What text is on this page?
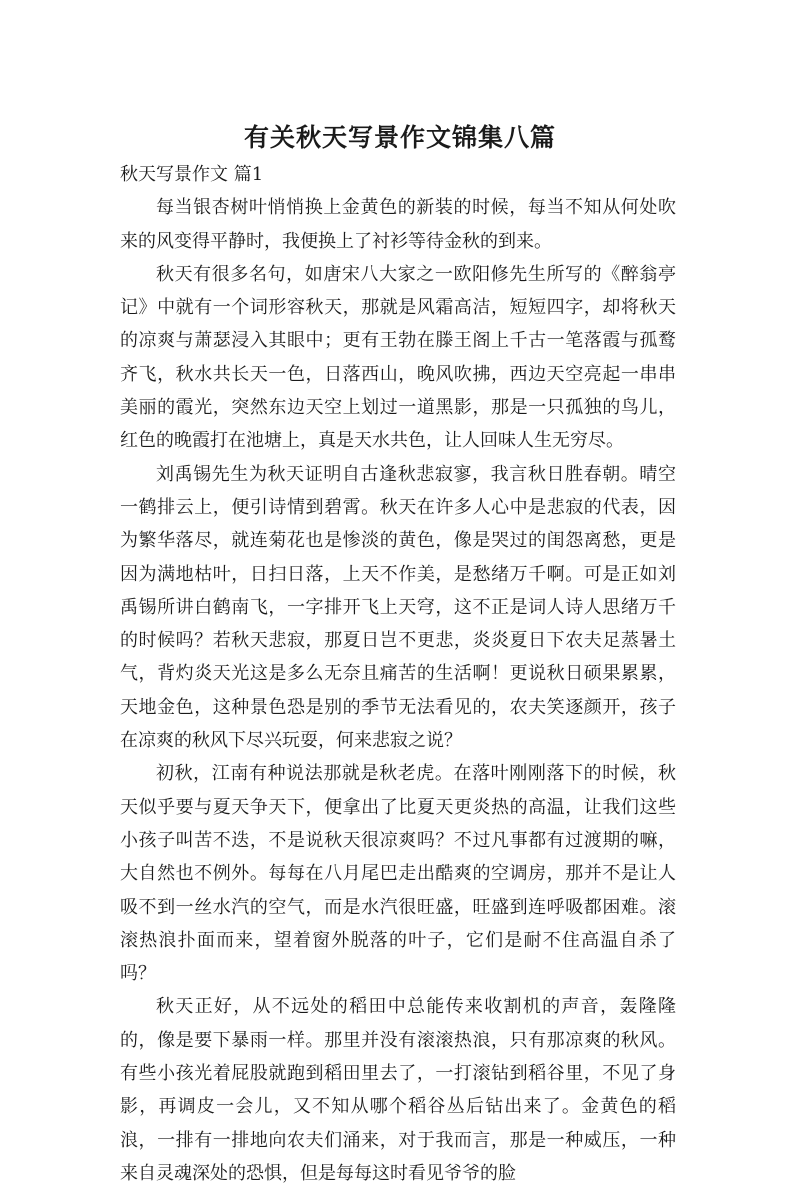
有关秋天写景作文锦集八篇

秋天写景作文 篇1

每当银杏树叶悄悄换上金黄色的新装的时候，每当不知从何处吹来的风变得平静时，我便换上了衬衫等待金秋的到来。

秋天有很多名句，如唐宋八大家之一欧阳修先生所写的《醉翁亭记》中就有一个词形容秋天，那就是风霜高洁，短短四字，却将秋天的凉爽与萧瑟浸入其眼中；更有王勃在滕王阁上千古一笔落霞与孤鹜齐飞，秋水共长天一色，日落西山，晚风吹拂，西边天空亮起一串串美丽的霞光，突然东边天空上划过一道黑影，那是一只孤独的鸟儿，红色的晚霞打在池塘上，真是天水共色，让人回味人生无穷尽。

刘禹锡先生为秋天证明自古逢秋悲寂寥，我言秋日胜春朝。晴空一鹤排云上，便引诗情到碧霄。秋天在许多人心中是悲寂的代表，因为繁华落尽，就连菊花也是惨淡的黄色，像是哭过的闺怨离愁，更是因为满地枯叶，日扫日落，上天不作美，是愁绪万千啊。可是正如刘禹锡所讲白鹤南飞，一字排开飞上天穹，这不正是词人诗人思绪万千的时候吗？若秋天悲寂，那夏日岂不更悲，炎炎夏日下农夫足蒸暑土气，背灼炎天光这是多么无奈且痛苦的生活啊！更说秋日硕果累累，天地金色，这种景色恐是别的季节无法看见的，农夫笑逐颜开，孩子在凉爽的秋风下尽兴玩耍，何来悲寂之说？

初秋，江南有种说法那就是秋老虎。在落叶刚刚落下的时候，秋天似乎要与夏天争天下，便拿出了比夏天更炎热的高温，让我们这些小孩子叫苦不迭，不是说秋天很凉爽吗？不过凡事都有过渡期的嘛，大自然也不例外。每每在八月尾巴走出酷爽的空调房，那并不是让人吸不到一丝水汽的空气，而是水汽很旺盛，旺盛到连呼吸都困难。滚滚热浪扑面而来，望着窗外脱落的叶子，它们是耐不住高温自杀了吗？

秋天正好，从不远处的稻田中总能传来收割机的声音，轰隆隆的，像是要下暴雨一样。那里并没有滚滚热浪，只有那凉爽的秋风。有些小孩光着屁股就跑到稻田里去了，一打滚钻到稻谷里，不见了身影，再调皮一会儿，又不知从哪个稻谷丛后钻出来了。金黄色的稻浪，一排有一排地向农夫们涌来，对于我而言，那是一种威压，一种来自灵魂深处的恐惧，但是每每这时看见爷爷的脸
